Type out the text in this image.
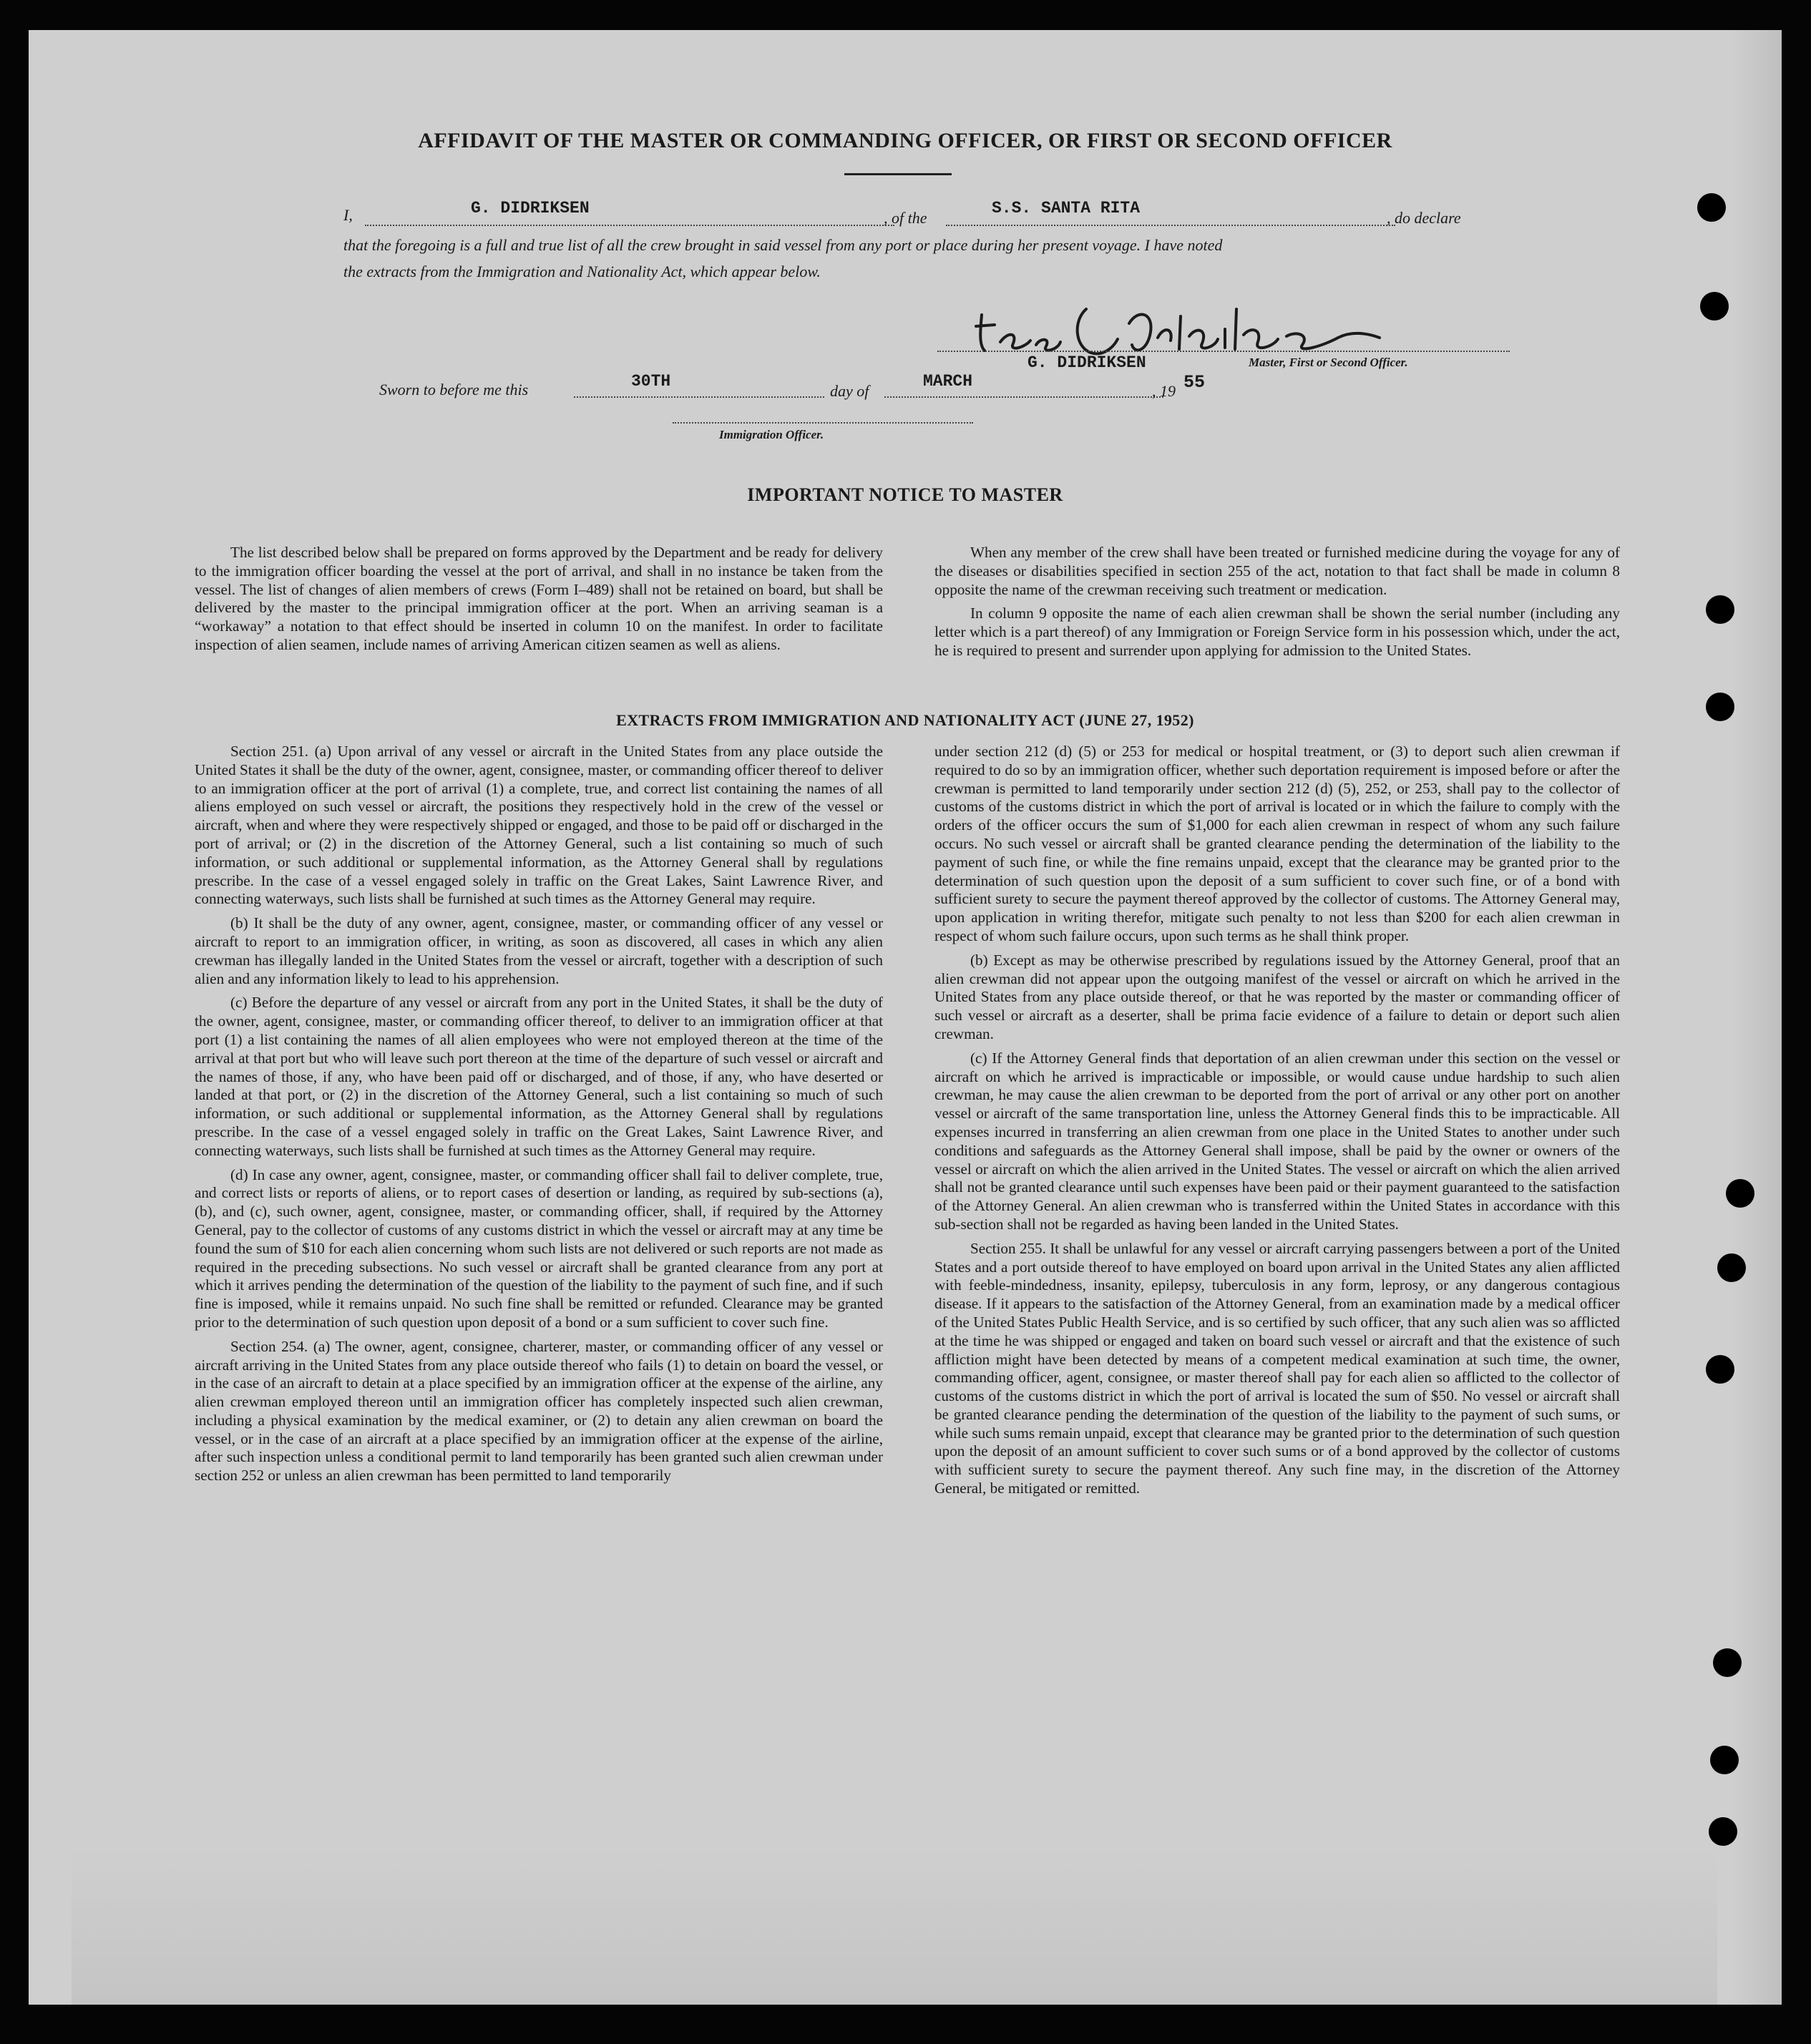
AFFIDAVIT OF THE MASTER OR COMMANDING OFFICER, OR FIRST OR SECOND OFFICER
I,	G. DIDRIKSEN
, of the
S.S. SANTA RITA
, do declare
that the foregoing is a full and true list of all the crew brought in said vessel from any port or place during her present voyage. I have noted
the extracts from the Immigration and Nationality Act, which appear below.
Master, First or Second Officer.
G. DIDRIKSEN
Sworn to before me this	30TH
day of
MARCH
, 19 55
Immigration Officer.
IMPORTANT NOTICE TO MASTER

The list described below shall be prepared on forms approved by the Department and be ready for delivery to the immigration officer boarding the vessel at the port of arrival, and shall in no instance be taken from the vessel. The list of changes of alien members of crews (Form I–489) shall not be retained on board, but shall be delivered by the master to the principal immigration officer at the port. When an arriving seaman is a “workaway” a notation to that effect should be inserted in column 10 on the manifest. In order to facilitate inspection of alien seamen, include names of arriving American citizen seamen as well as aliens.

When any member of the crew shall have been treated or furnished medicine during the voyage for any of the diseases or disabilities specified in section 255 of the act, notation to that fact shall be made in column 8 opposite the name of the crewman receiving such treatment or medication.

In column 9 opposite the name of each alien crewman shall be shown the serial number (including any letter which is a part thereof) of any Immigration or Foreign Service form in his possession which, under the act, he is required to present and surrender upon applying for admission to the United States.

EXTRACTS FROM IMMIGRATION AND NATIONALITY ACT (JUNE 27, 1952)

Section 251. (a) Upon arrival of any vessel or aircraft in the United States from any place outside the United States it shall be the duty of the owner, agent, consignee, master, or commanding officer thereof to deliver to an immigration officer at the port of arrival (1) a complete, true, and correct list containing the names of all aliens employed on such vessel or aircraft, the positions they respectively hold in the crew of the vessel or aircraft, when and where they were respectively shipped or engaged, and those to be paid off or discharged in the port of arrival; or (2) in the discretion of the Attorney General, such a list containing so much of such information, or such additional or supplemental information, as the Attorney General shall by regulations prescribe. In the case of a vessel engaged solely in traffic on the Great Lakes, Saint Lawrence River, and connecting waterways, such lists shall be furnished at such times as the Attorney General may require.

(b) It shall be the duty of any owner, agent, consignee, master, or commanding officer of any vessel or aircraft to report to an immigration officer, in writing, as soon as discovered, all cases in which any alien crewman has illegally landed in the United States from the vessel or aircraft, together with a description of such alien and any information likely to lead to his apprehension.

(c) Before the departure of any vessel or aircraft from any port in the United States, it shall be the duty of the owner, agent, consignee, master, or commanding officer thereof, to deliver to an immigration officer at that port (1) a list containing the names of all alien employees who were not employed thereon at the time of the arrival at that port but who will leave such port thereon at the time of the departure of such vessel or aircraft and the names of those, if any, who have been paid off or discharged, and of those, if any, who have deserted or landed at that port, or (2) in the discretion of the Attorney General, such a list containing so much of such information, or such additional or supplemental information, as the Attorney General shall by regulations prescribe. In the case of a vessel engaged solely in traffic on the Great Lakes, Saint Lawrence River, and connecting waterways, such lists shall be furnished at such times as the Attorney General may require.

(d) In case any owner, agent, consignee, master, or commanding officer shall fail to deliver complete, true, and correct lists or reports of aliens, or to report cases of desertion or landing, as required by sub-sections (a), (b), and (c), such owner, agent, consignee, master, or commanding officer, shall, if required by the Attorney General, pay to the collector of customs of any customs district in which the vessel or aircraft may at any time be found the sum of $10 for each alien concerning whom such lists are not delivered or such reports are not made as required in the preceding subsections. No such vessel or aircraft shall be granted clearance from any port at which it arrives pending the determination of the question of the liability to the payment of such fine, and if such fine is imposed, while it remains unpaid. No such fine shall be remitted or refunded. Clearance may be granted prior to the determination of such question upon deposit of a bond or a sum sufficient to cover such fine.

Section 254. (a) The owner, agent, consignee, charterer, master, or commanding officer of any vessel or aircraft arriving in the United States from any place outside thereof who fails (1) to detain on board the vessel, or in the case of an aircraft to detain at a place specified by an immigration officer at the expense of the airline, any alien crewman employed thereon until an immigration officer has completely inspected such alien crewman, including a physical examination by the medical examiner, or (2) to detain any alien crewman on board the vessel, or in the case of an aircraft at a place specified by an immigration officer at the expense of the airline, after such inspection unless a conditional permit to land temporarily has been granted such alien crewman under section 252 or unless an alien crewman has been permitted to land temporarily

under section 212 (d) (5) or 253 for medical or hospital treatment, or (3) to deport such alien crewman if required to do so by an immigration officer, whether such deportation requirement is imposed before or after the crewman is permitted to land temporarily under section 212 (d) (5), 252, or 253, shall pay to the collector of customs of the customs district in which the port of arrival is located or in which the failure to comply with the orders of the officer occurs the sum of $1,000 for each alien crewman in respect of whom any such failure occurs. No such vessel or aircraft shall be granted clearance pending the determination of the liability to the payment of such fine, or while the fine remains unpaid, except that the clearance may be granted prior to the determination of such question upon the deposit of a sum sufficient to cover such fine, or of a bond with sufficient surety to secure the payment thereof approved by the collector of customs. The Attorney General may, upon application in writing therefor, mitigate such penalty to not less than $200 for each alien crewman in respect of whom such failure occurs, upon such terms as he shall think proper.

(b) Except as may be otherwise prescribed by regulations issued by the Attorney General, proof that an alien crewman did not appear upon the outgoing manifest of the vessel or aircraft on which he arrived in the United States from any place outside thereof, or that he was reported by the master or commanding officer of such vessel or aircraft as a deserter, shall be prima facie evidence of a failure to detain or deport such alien crewman.

(c) If the Attorney General finds that deportation of an alien crewman under this section on the vessel or aircraft on which he arrived is impracticable or impossible, or would cause undue hardship to such alien crewman, he may cause the alien crewman to be deported from the port of arrival or any other port on another vessel or aircraft of the same transportation line, unless the Attorney General finds this to be impracticable. All expenses incurred in transferring an alien crewman from one place in the United States to another under such conditions and safeguards as the Attorney General shall impose, shall be paid by the owner or owners of the vessel or aircraft on which the alien arrived in the United States. The vessel or aircraft on which the alien arrived shall not be granted clearance until such expenses have been paid or their payment guaranteed to the satisfaction of the Attorney General. An alien crewman who is transferred within the United States in accordance with this sub-section shall not be regarded as having been landed in the United States.

Section 255. It shall be unlawful for any vessel or aircraft carrying passengers between a port of the United States and a port outside thereof to have employed on board upon arrival in the United States any alien afflicted with feeble-mindedness, insanity, epilepsy, tuberculosis in any form, leprosy, or any dangerous contagious disease. If it appears to the satisfaction of the Attorney General, from an examination made by a medical officer of the United States Public Health Service, and is so certified by such officer, that any such alien was so afflicted at the time he was shipped or engaged and taken on board such vessel or aircraft and that the existence of such affliction might have been detected by means of a competent medical examination at such time, the owner, commanding officer, agent, consignee, or master thereof shall pay for each alien so afflicted to the collector of customs of the customs district in which the port of arrival is located the sum of $50. No vessel or aircraft shall be granted clearance pending the determination of the question of the liability to the payment of such sums, or while such sums remain unpaid, except that clearance may be granted prior to the determination of such question upon the deposit of an amount sufficient to cover such sums or of a bond approved by the collector of customs with sufficient surety to secure the payment thereof. Any such fine may, in the discretion of the Attorney General, be mitigated or remitted.
